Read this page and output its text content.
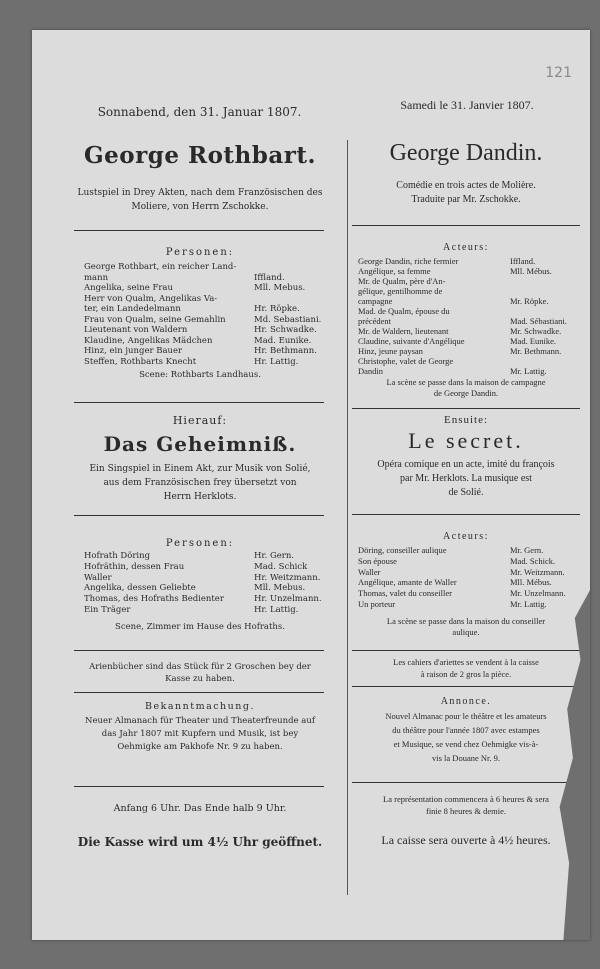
121
Sonnabend, den 31. Januar 1807.
George Rothbart.
Lustspiel in Drey Akten, nach dem Französischen des
Moliere, von Herrn Zschokke.
Personen:
George Rothbart, ein reicher Land-
mann	Iffland.
Angelika, seine Frau	Mll. Mebus.
Herr von Qualm, Angelikas Va-
ter, ein Landedelmann	Hr. Röpke.
Frau von Qualm, seine Gemahlin	Md. Sebastiani.
Lieutenant von Waldern	Hr. Schwadke.
Klaudine, Angelikas Mädchen	Mad. Eunike.
Hinz, ein junger Bauer	Hr. Bethmann.
Steffen, Rothbarts Knecht	Hr. Lattig.
Scene: Rothbarts Landhaus.
Hierauf:
Das Geheimniß.
Ein Singspiel in Einem Akt, zur Musik von Solié,
aus dem Französischen frey übersetzt von
Herrn Herklots.
Personen:
Hofrath Döring	Hr. Gern.
Hofräthin, dessen Frau	Mad. Schick
Waller	Hr. Weitzmann.
Angelika, dessen Geliebte	Mll. Mebus.
Thomas, des Hofraths Bedienter	Hr. Unzelmann.
Ein Träger	Hr. Lattig.
Scene, Zimmer im Hause des Hofraths.
Arienbücher sind das Stück für 2 Groschen bey der
Kasse zu haben.
Bekanntmachung.
Neuer Almanach für Theater und Theaterfreunde auf
das Jahr 1807 mit Kupfern und Musik, ist bey
Oehmigke am Pakhofe Nr. 9 zu haben.
Anfang 6 Uhr. Das Ende halb 9 Uhr.
Die Kasse wird um 4½ Uhr geöffnet.
Samedi le 31. Janvier 1807.
George Dandin.
Comédie en trois actes de Molière.
Traduite par Mr. Zschokke.
Acteurs:
George Dandin, riche fermier	Iffland.
Angélique, sa femme	Mll. Mébus.
Mr. de Qualm, père d'An-
gélique, gentilhomme de
campagne	Mr. Röpke.
Mad. de Qualm, épouse du
précédent	Mad. Sébastiani.
Mr. de Waldern, lieutenant	Mr. Schwadke.
Claudine, suivante d'Angélique	Mad. Eunike.
Hinz, jeune paysan	Mr. Bethmann.
Christophe, valet de George
Dandin	Mr. Lattig.
La scène se passe dans la maison de campagne
de George Dandin.
Ensuite:
Le secret.
Opéra comique en un acte, imité du françois
par Mr. Herklots. La musique est
de Solié.
Acteurs:
Döring, conseiller aulique	Mr. Gern.
Son épouse	Mad. Schick.
Waller	Mr. Weitzmann.
Angélique, amante de Waller	Mll. Mébus.
Thomas, valet du conseiller	Mr. Unzelmann.
Un porteur	Mr. Lattig.
La scène se passe dans la maison du conseiller
aulique.
Les cahiers d'ariettes se vendent à la caisse
à raison de 2 gros la pièce.
Annonce.
Nouvel Almanac pour le théâtre et les amateurs
du théâtre pour l'année 1807 avec estampes
et Musique, se vend chez Oehmigke vis-à-
vis la Douane Nr. 9.
La représentation commencera à 6 heures & sera
finie 8 heures & demie.
La caisse sera ouverte à 4½ heures.
